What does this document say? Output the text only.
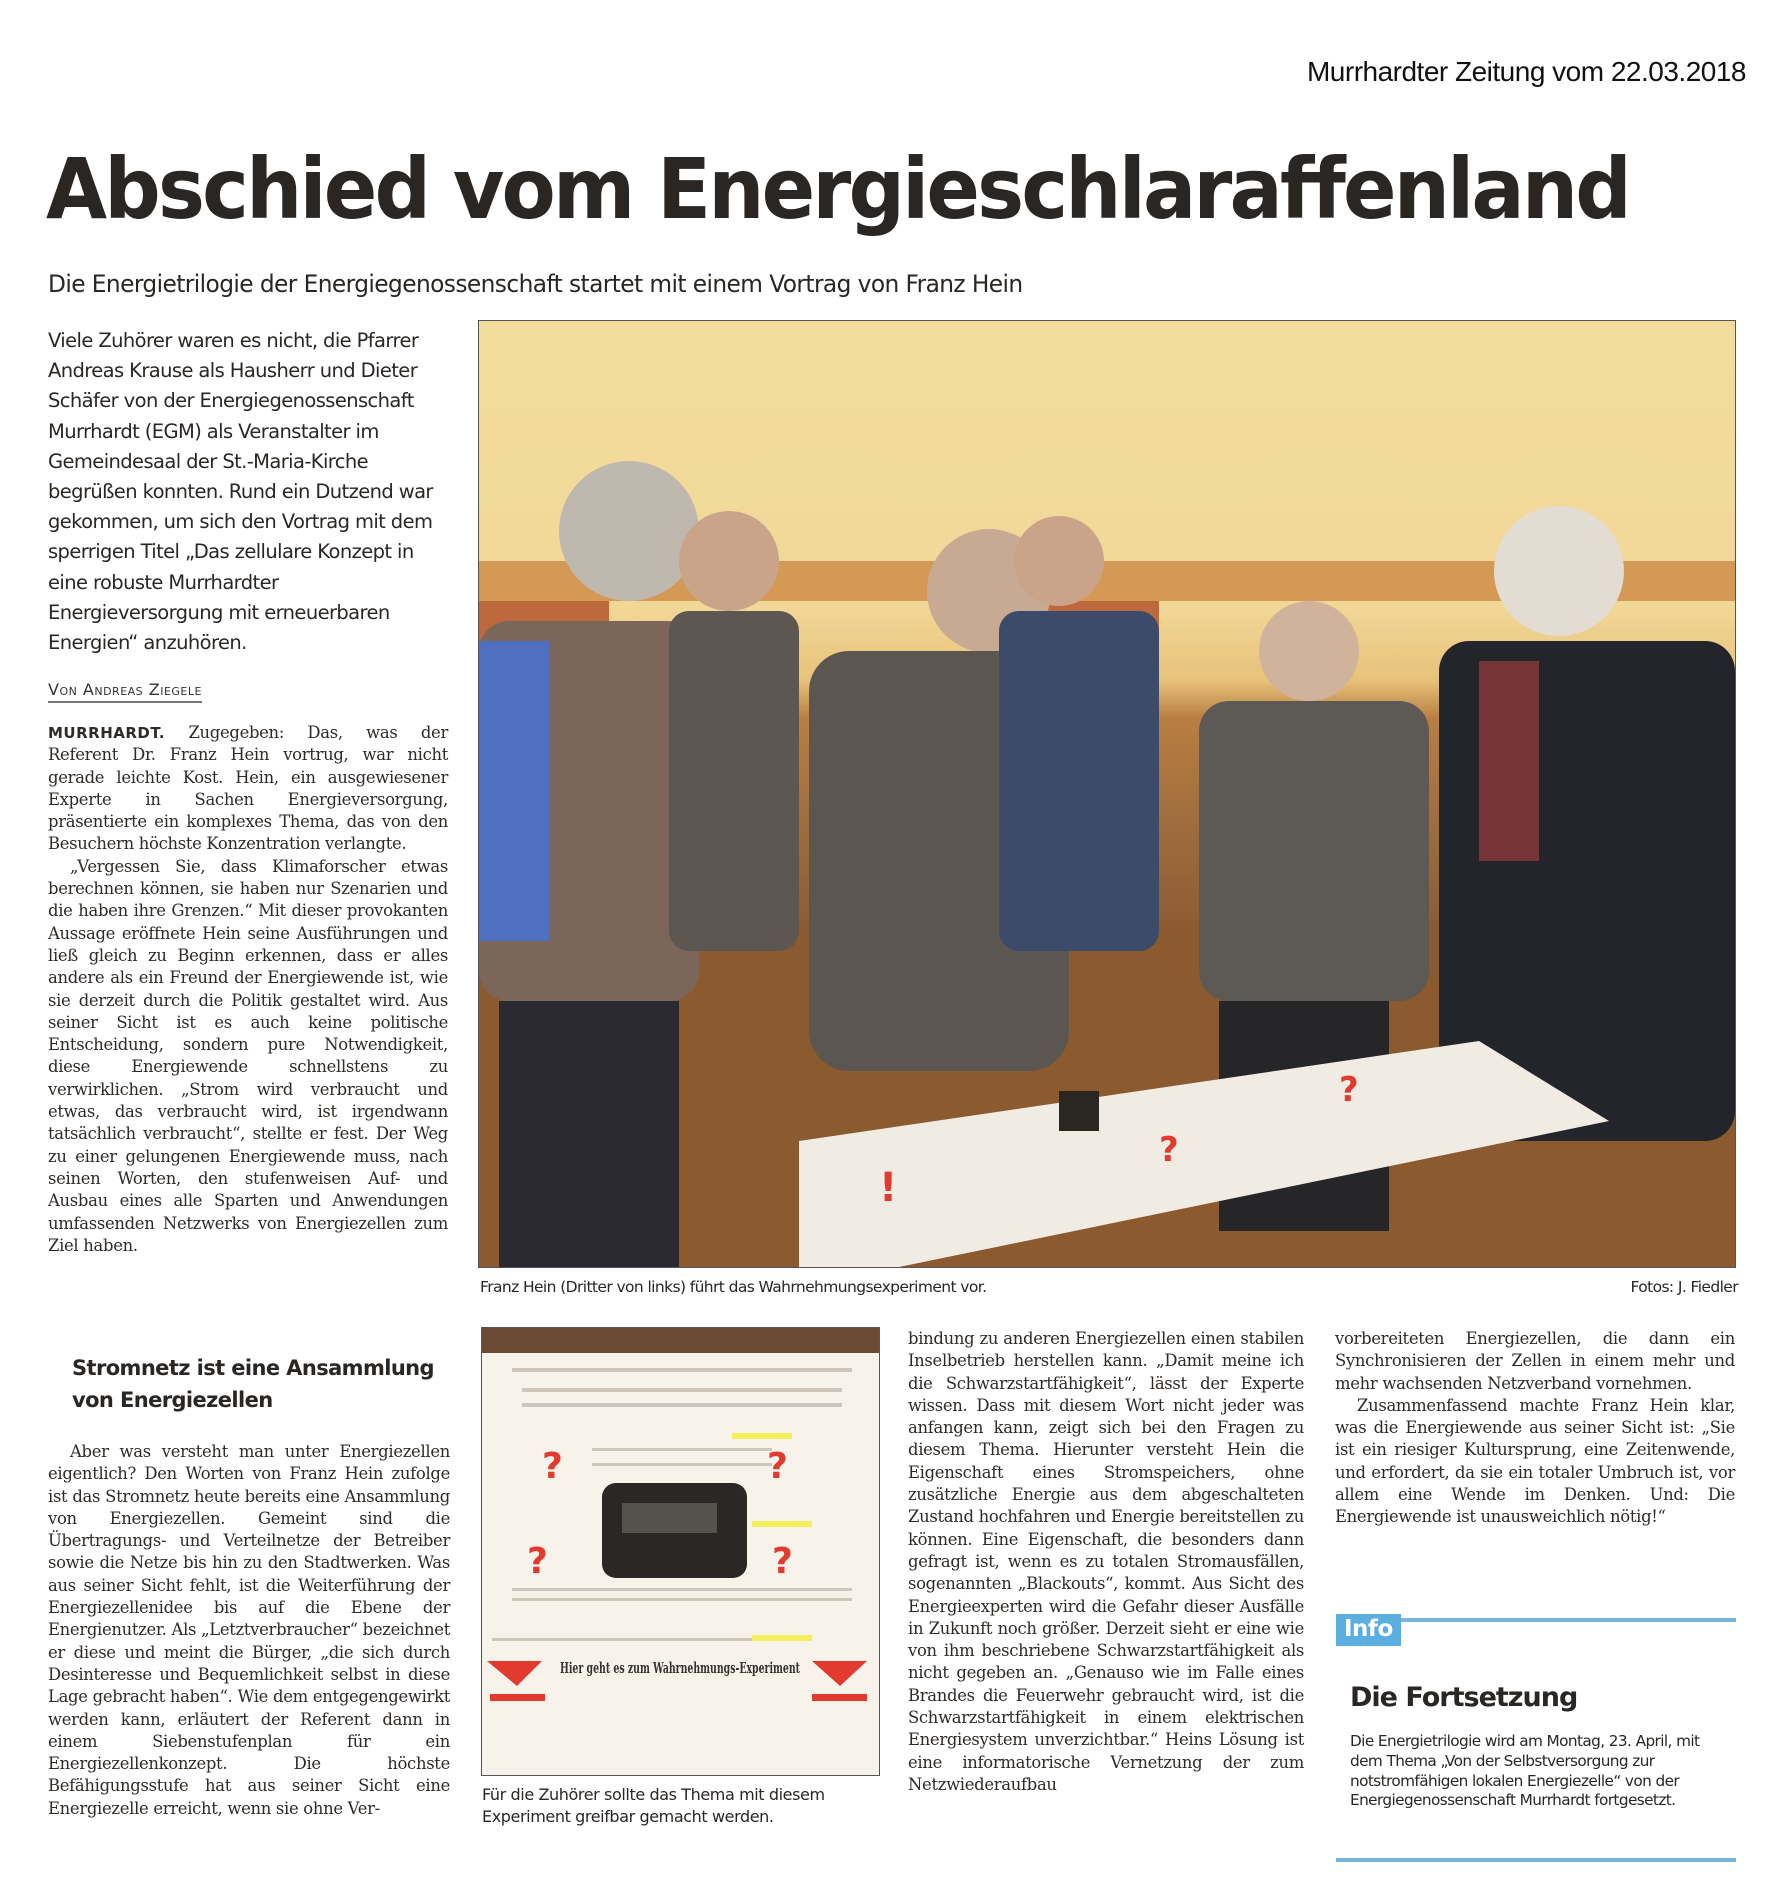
Murrhardter Zeitung vom 22.03.2018
Abschied vom Energieschlaraffenland
Die Energietrilogie der Energiegenossenschaft startet mit einem Vortrag von Franz Hein
Viele Zuhörer waren es nicht, die Pfarrer Andreas Krause als Hausherr und Dieter Schäfer von der Energiegenossenschaft Murrhardt (EGM) als Veranstalter im Gemeindesaal der St.-Maria-Kirche begrüßen konnten. Rund ein Dutzend war gekommen, um sich den Vortrag mit dem sperrigen Titel „Das zellulare Konzept in eine robuste Murrhardter Energieversorgung mit erneuerbaren Energien“ anzuhören.
Von Andreas Ziegele

MURRHARDT. Zugegeben: Das, was der Referent Dr. Franz Hein vortrug, war nicht gerade leichte Kost. Hein, ein ausgewiesener Experte in Sachen Energieversorgung, präsentierte ein komplexes Thema, das von den Besuchern höchste Konzentration verlangte.

„Vergessen Sie, dass Klimaforscher etwas berechnen können, sie haben nur Szenarien und die haben ihre Grenzen.“ Mit dieser provokanten Aussage eröffnete Hein seine Ausführungen und ließ gleich zu Beginn erkennen, dass er alles andere als ein Freund der Energiewende ist, wie sie derzeit durch die Politik gestaltet wird. Aus seiner Sicht ist es auch keine politische Entscheidung, sondern pure Notwendigkeit, diese Energiewende schnellstens zu verwirklichen. „Strom wird verbraucht und etwas, das verbraucht wird, ist irgendwann tatsächlich verbraucht“, stellte er fest. Der Weg zu einer gelungenen Energiewende muss, nach seinen Worten, den stufenweisen Auf- und Ausbau eines alle Sparten und Anwendungen umfassenden Netzwerks von Energiezellen zum Ziel haben.

Stromnetz ist eine Ansammlung von Energiezellen

Aber was versteht man unter Energiezellen eigentlich? Den Worten von Franz Hein zufolge ist das Stromnetz heute bereits eine Ansammlung von Energiezellen. Gemeint sind die Übertragungs- und Verteilnetze der Betreiber sowie die Netze bis hin zu den Stadtwerken. Was aus seiner Sicht fehlt, ist die Weiterführung der Energiezellenidee bis auf die Ebene der Energienutzer. Als „Letztverbraucher“ bezeichnet er diese und meint die Bürger, „die sich durch Desinteresse und Bequemlichkeit selbst in diese Lage gebracht haben“. Wie dem entgegengewirkt werden kann, erläutert der Referent dann in einem Siebenstufenplan für ein Energiezellenkonzept. Die höchste Befähigungsstufe hat aus seiner Sicht eine Energiezelle erreicht, wenn sie ohne Ver-

!
?
?
Franz Hein (Dritter von links) führt das Wahrnehmungsexperiment vor.	Fotos: J. Fiedler
?	?
?	?
Hier geht es zum Wahrnehmungs-Experiment
Für die Zuhörer sollte das Thema mit diesem Experiment greifbar gemacht werden.

bindung zu anderen Energiezellen einen stabilen Inselbetrieb herstellen kann. „Damit meine ich die Schwarzstartfähigkeit“, lässt der Experte wissen. Dass mit diesem Wort nicht jeder was anfangen kann, zeigt sich bei den Fragen zu diesem Thema. Hierunter versteht Hein die Eigenschaft eines Stromspeichers, ohne zusätzliche Energie aus dem abgeschalteten Zustand hochfahren und Energie bereitstellen zu können. Eine Eigenschaft, die besonders dann gefragt ist, wenn es zu totalen Stromausfällen, sogenannten „Blackouts“, kommt. Aus Sicht des Energieexperten wird die Gefahr dieser Ausfälle in Zukunft noch größer. Derzeit sieht er eine wie von ihm beschriebene Schwarzstartfähigkeit als nicht gegeben an. „Genauso wie im Falle eines Brandes die Feuerwehr gebraucht wird, ist die Schwarzstartfähigkeit in einem elektrischen Energiesystem unverzichtbar.“ Heins Lösung ist eine informatorische Vernetzung der zum Netzwiederaufbau

vorbereiteten Energiezellen, die dann ein Synchronisieren der Zellen in einem mehr und mehr wachsenden Netzverband vornehmen.

Zusammenfassend machte Franz Hein klar, was die Energiewende aus seiner Sicht ist: „Sie ist ein riesiger Kultursprung, eine Zeitenwende, und erfordert, da sie ein totaler Umbruch ist, vor allem eine Wende im Denken. Und: Die Energiewende ist unausweichlich nötig!“

Info
Die Fortsetzung
Die Energietrilogie wird am Montag, 23. April, mit dem Thema „Von der Selbstversorgung zur notstromfähigen lokalen Energiezelle“ von der Energiegenossenschaft Murrhardt fortgesetzt.
